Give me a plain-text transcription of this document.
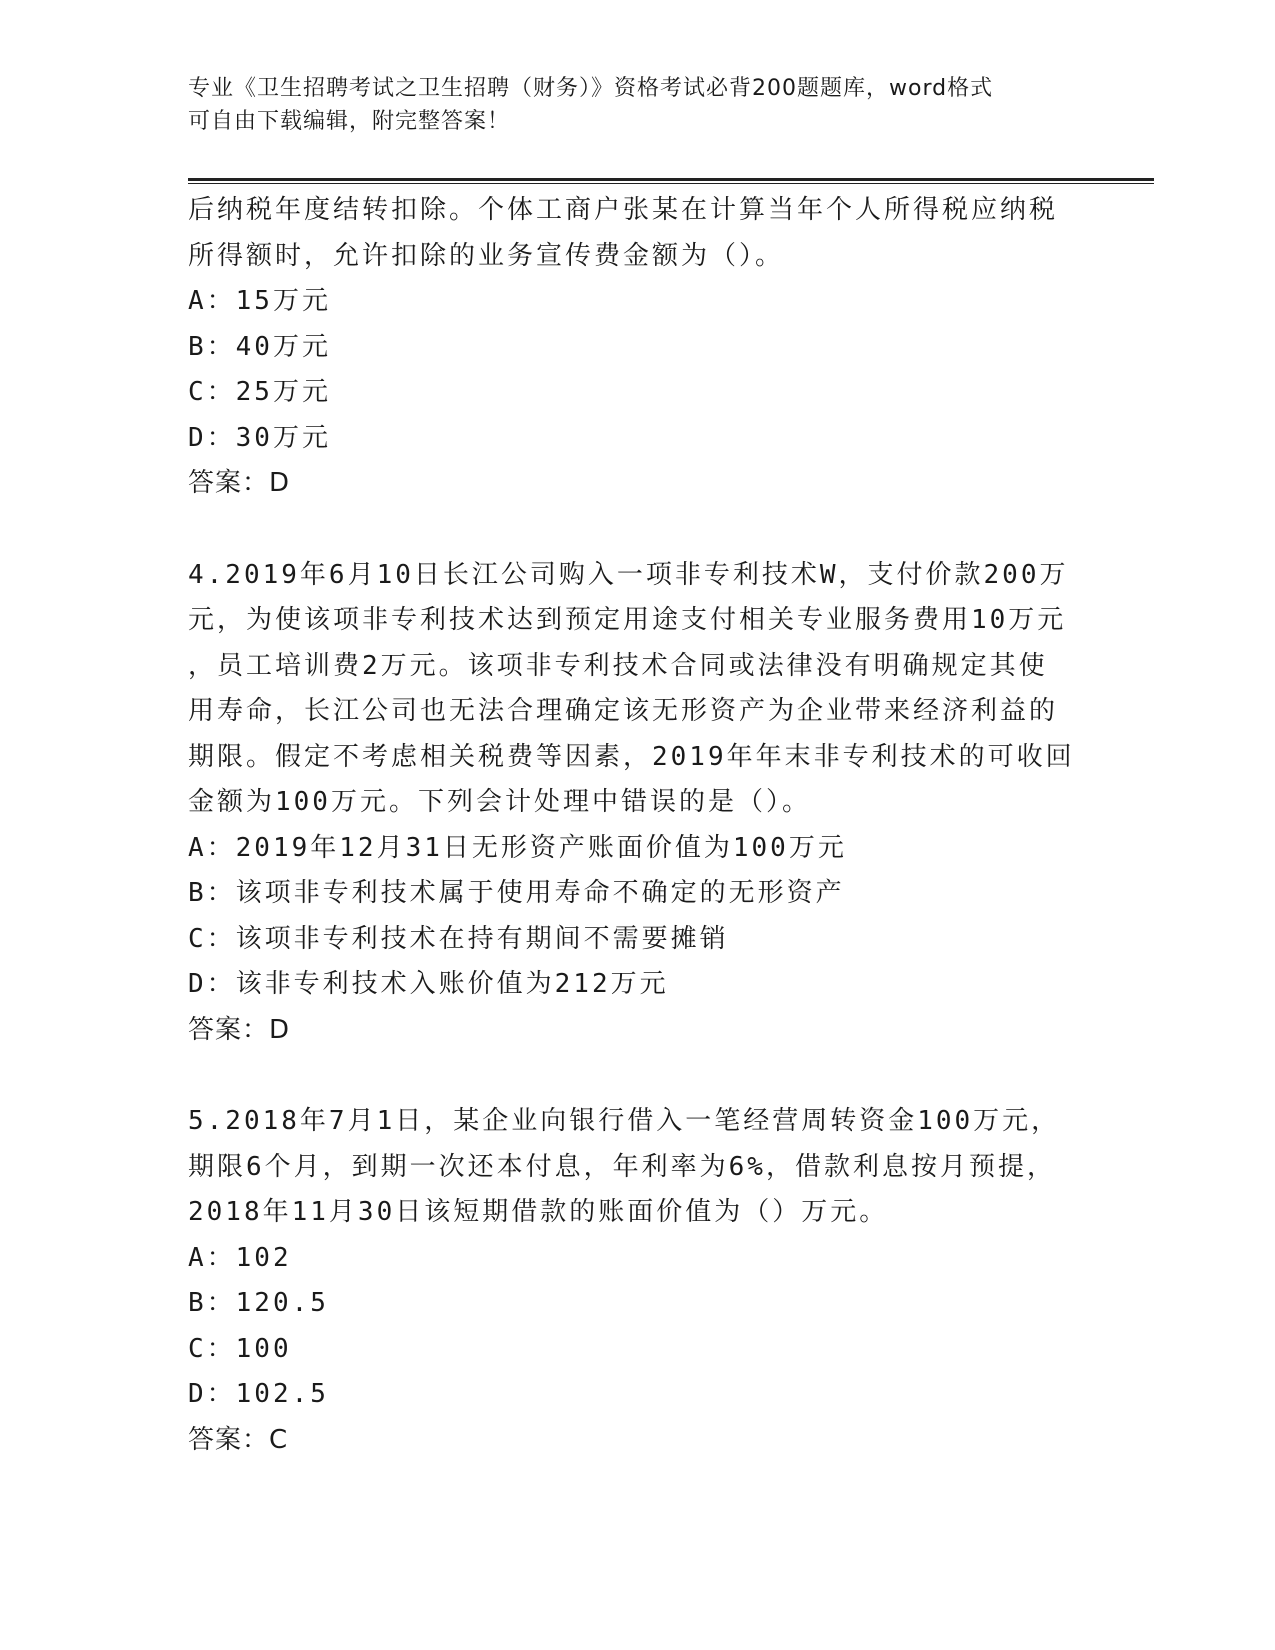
专业《卫生招聘考试之卫生招聘（财务）》资格考试必背200题题库，word格式
可自由下载编辑，附完整答案！

后纳税年度结转扣除。个体工商户张某在计算当年个人所得税应纳税

所得额时，允许扣除的业务宣传费金额为（）。

A：15万元

B：40万元

C：25万元

D：30万元

答案：D

4.2019年6月10日长江公司购入一项非专利技术W，支付价款200万

元，为使该项非专利技术达到预定用途支付相关专业服务费用10万元

，员工培训费2万元。该项非专利技术合同或法律没有明确规定其使

用寿命，长江公司也无法合理确定该无形资产为企业带来经济利益的

期限。假定不考虑相关税费等因素，2019年年末非专利技术的可收回

金额为100万元。下列会计处理中错误的是（）。

A：2019年12月31日无形资产账面价值为100万元

B：该项非专利技术属于使用寿命不确定的无形资产

C：该项非专利技术在持有期间不需要摊销

D：该非专利技术入账价值为212万元

答案：D

5.2018年7月1日，某企业向银行借入一笔经营周转资金100万元，

期限6个月，到期一次还本付息，年利率为6%，借款利息按月预提，

2018年11月30日该短期借款的账面价值为（）万元。

A：102

B：120.5

C：100

D：102.5

答案：C
